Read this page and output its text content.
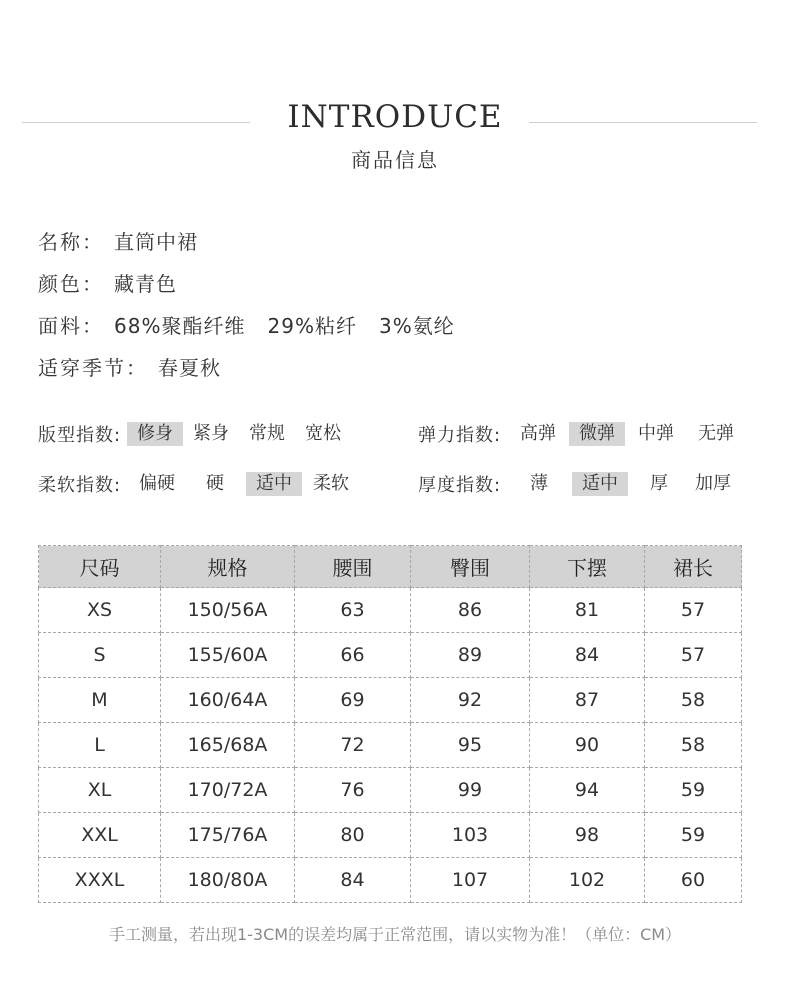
INTRODUCE
商品信息
名称： 直筒中裙
颜色： 藏青色
面料： 68%聚酯纤维   29%粘纤   3%氨纶
适穿季节： 春夏秋
版型指数: 修身	紧身 常规 宽松	弹力指数:	高弹	微弹	中弹 无弹
柔软指数: 偏硬	硬	适中	柔软	厚度指数:	薄	适中	厚	加厚
尺码	规格	腰围	臀围	下摆	裙长
XS	150/56A	63	86	81	57
S	155/60A	66	89	84	57
M	160/64A	69	92	87	58
L	165/68A	72	95	90	58
XL	170/72A	76	99	94	59
XXL	175/76A	80	103	98	59
XXXL	180/80A	84	107	102	60
手工测量，若出现1-3CM的误差均属于正常范围，请以实物为准！（单位：CM）
